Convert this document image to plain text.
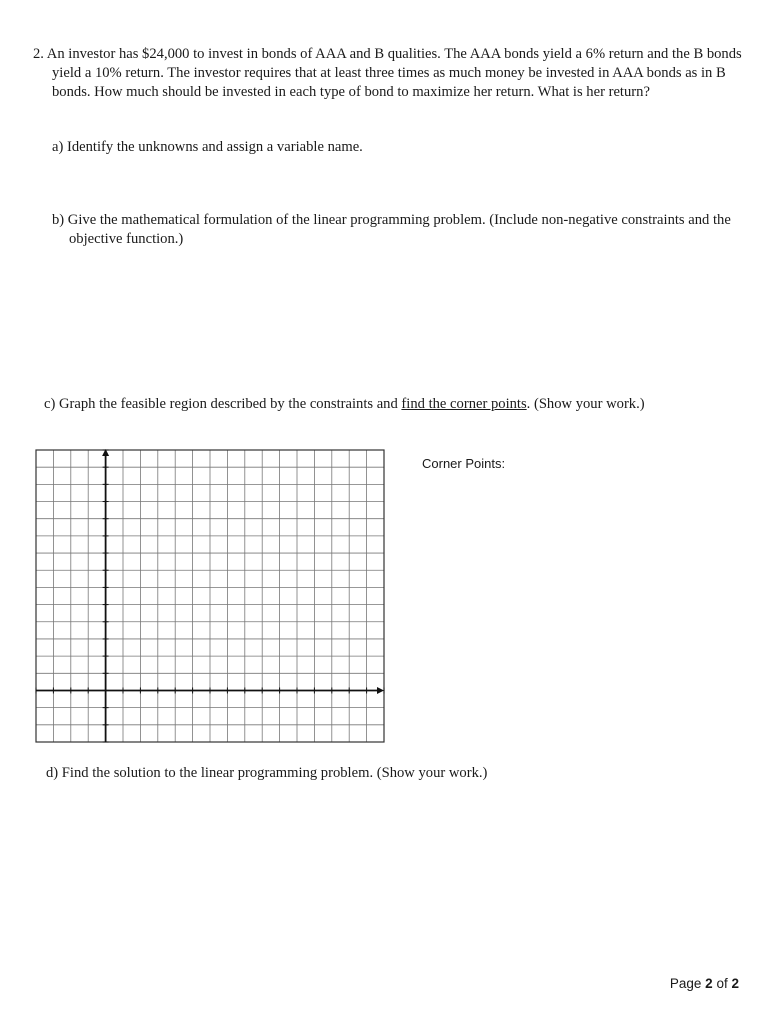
2. An investor has $24,000 to invest in bonds of AAA and B qualities. The AAA bonds yield a 6% return and the B bonds yield a 10% return. The investor requires that at least three times as much money be invested in AAA bonds as in B bonds. How much should be invested in each type of bond to maximize her return. What is her return?
a) Identify the unknowns and assign a variable name.
b) Give the mathematical formulation of the linear programming problem. (Include non-negative constraints and the objective function.)
c) Graph the feasible region described by the constraints and find the corner points. (Show your work.)
Corner Points:
d) Find the solution to the linear programming problem. (Show your work.)
Page 2 of 2
